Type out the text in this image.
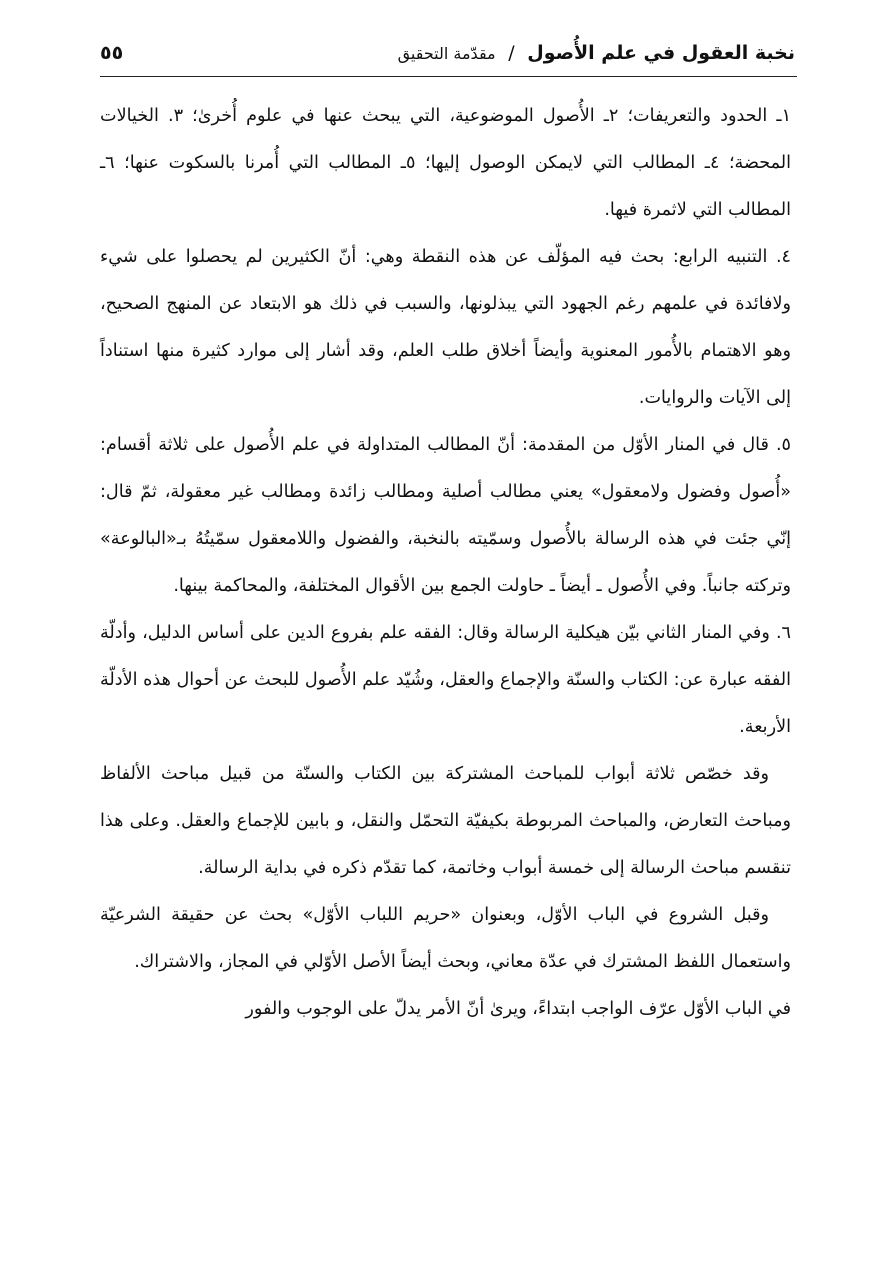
نخبة العقول في علم الأُصول / مقدّمة التحقيق
٥٥

١ـ الحدود والتعريفات؛ ٢ـ الأُصول الموضوعية، التي يبحث عنها في علوم أُخرىٰ؛ ٣. الخيالات المحضة؛ ٤ـ المطالب التي لايمكن الوصول إليها؛ ٥ـ المطالب التي أُمرنا بالسكوت عنها؛ ٦ـ المطالب التي لاثمرة فيها.

٤. التنبيه الرابع: بحث فيه المؤلّف عن هذه النقطة وهي: أنّ الكثيرين لم يحصلوا على شيء ولافائدة في علمهم رغم الجهود التي يبذلونها، والسبب في ذلك هو الابتعاد عن المنهج الصحيح، وهو الاهتمام بالأُمور المعنوية وأيضاً أخلاق طلب العلم، وقد أشار إلى موارد كثيرة منها استناداً إلى الآيات والروايات.

٥. قال في المنار الأوّل من المقدمة: أنّ المطالب المتداولة في علم الأُصول على ثلاثة أقسام: «أُصول وفضول ولامعقول» يعني مطالب أصلية ومطالب زائدة ومطالب غير معقولة، ثمّ قال: إنّي جئت في هذه الرسالة بالأُصول وسمّيته بالنخبة، والفضول واللامعقول سمّيتُهُ بـ«البالوعة» وتركته جانباً. وفي الأُصول ـ أيضاً ـ حاولت الجمع بين الأقوال المختلفة، والمحاكمة بينها.

٦. وفي المنار الثاني بيّن هيكلية الرسالة وقال: الفقه علم بفروع الدين على أساس الدليل، وأدلّة الفقه عبارة عن: الكتاب والسنّة والإجماع والعقل، وشُيّد علم الأُصول للبحث عن أحوال هذه الأدلّة الأربعة.

وقد خصّص ثلاثة أبواب للمباحث المشتركة بين الكتاب والسنّة من قبيل مباحث الألفاظ ومباحث التعارض، والمباحث المربوطة بكيفيّة التحمّل والنقل، و بابين للإجماع والعقل. وعلى هذا تنقسم مباحث الرسالة إلى خمسة أبواب وخاتمة، كما تقدّم ذكره في بداية الرسالة.

وقبل الشروع في الباب الأوّل، وبعنوان «حريم اللباب الأوّل» بحث عن حقيقة الشرعيّة واستعمال اللفظ المشترك في عدّة معاني، وبحث أيضاً الأصل الأوّلي في المجاز، والاشتراك.

في الباب الأوّل عرّف الواجب ابتداءً، ويرىٰ أنّ الأمر يدلّ على الوجوب والفور
